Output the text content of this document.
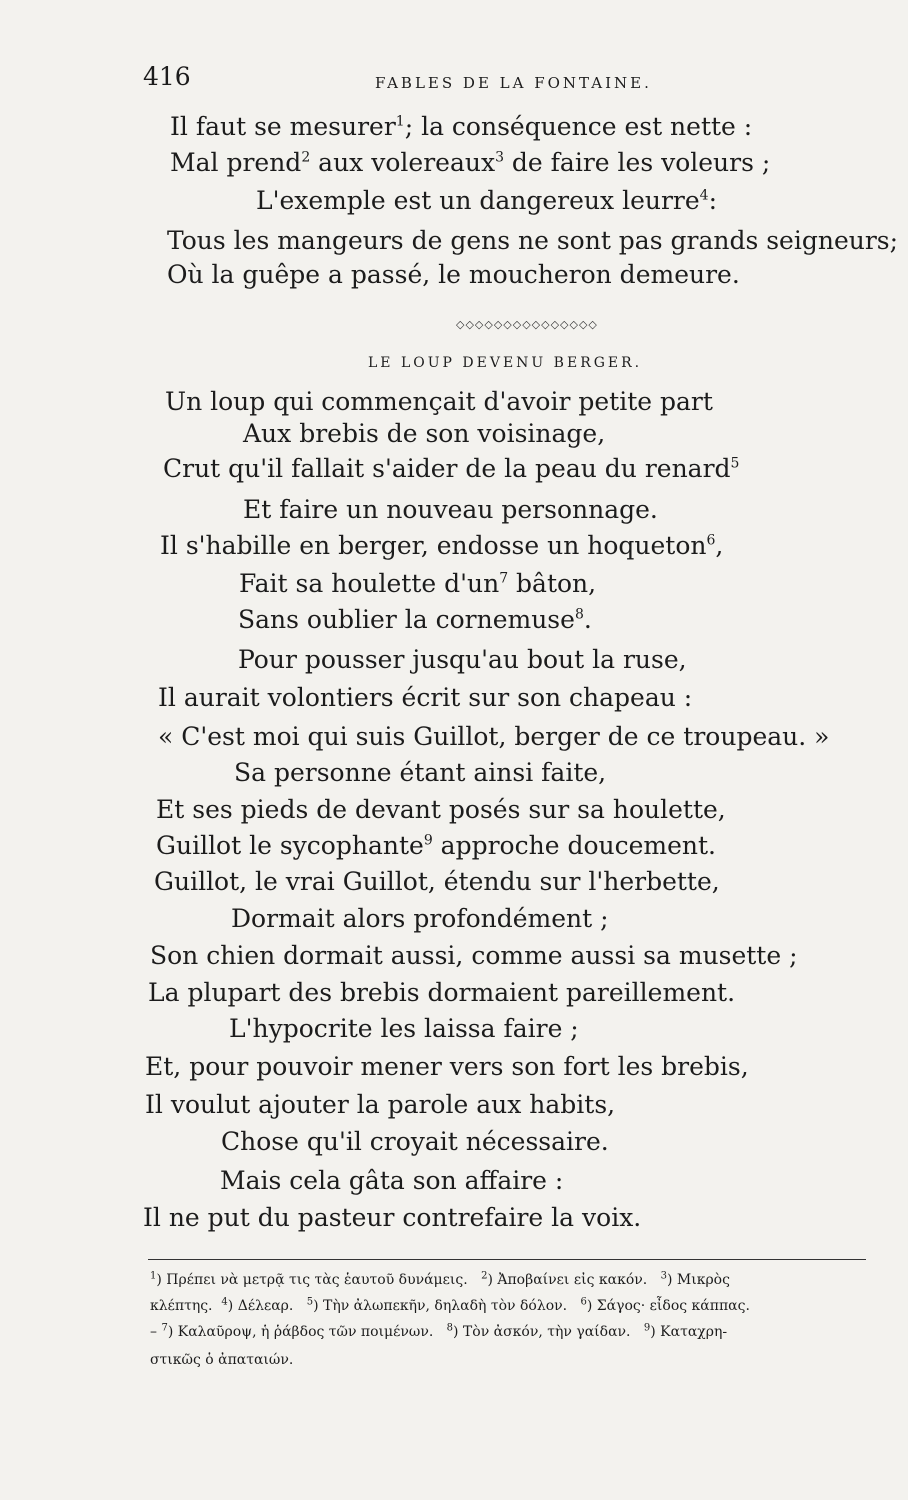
416	FABLES DE LA FONTAINE.
Il faut se mesurer$^1$; la conséquence est nette :
Mal prend$^2$ aux volereaux$^3$ de faire les voleurs ;
L'exemple est un dangereux leurre$^4$:
Tous les mangeurs de gens ne sont pas grands seigneurs;
Où la guêpe a passé, le moucheron demeure.
◇◇◇◇◇◇◇◇◇◇◇◇◇◇◇
LE LOUP DEVENU BERGER.
Un loup qui commençait d'avoir petite part
Aux brebis de son voisinage,
Crut qu'il fallait s'aider de la peau du renard$^5$
Et faire un nouveau personnage.
Il s'habille en berger, endosse un hoqueton$^6$,
Fait sa houlette $d'un^7$ bâton,
Sans oublier la cornemuse$^8$.
Pour pousser jusqu'au bout la ruse,
Il aurait volontiers écrit sur son chapeau :
« C'est moi qui suis Guillot, berger de ce troupeau. »
Sa personne étant ainsi faite,
Et ses pieds de devant posés sur sa houlette,
Guillot le sycophante$^9$ approche doucement.
Guillot, le vrai Guillot, étendu sur l'herbette,
Dormait alors profondément ;
Son chien dormait aussi, comme aussi sa musette ;
La plupart des brebis dormaient pareillement.
L'hypocrite les laissa faire ;
Et, pour pouvoir mener vers son fort les brebis,
Il voulut ajouter la parole aux habits,
Chose qu'il croyait nécessaire.
Mais cela gâta son affaire :
Il ne put du pasteur contrefaire la voix.
$^1$) Πρέπει νὰ μετρᾷ τις τὰς ἑαυτοῦ δυνάμεις. $^2$) Ἀποβαίνει εἰς κακόν. $^3$) Μικρὸς
κλέπτης. $^4$) Δέλεαρ. $^5$) Τὴν ἀλωπεκῆν, δηλαδὴ τὸν δόλον. $^6$) Σάγος· εἶδος κάππας.
– $^7$) Καλαῦροψ, ἡ ῥάβδος τῶν ποιμένων. $^8$) Τὸν ἀσκόν, τὴν γαίδαν. $^9$) Καταχρη-
στικῶς ὁ ἀπαταιών.
